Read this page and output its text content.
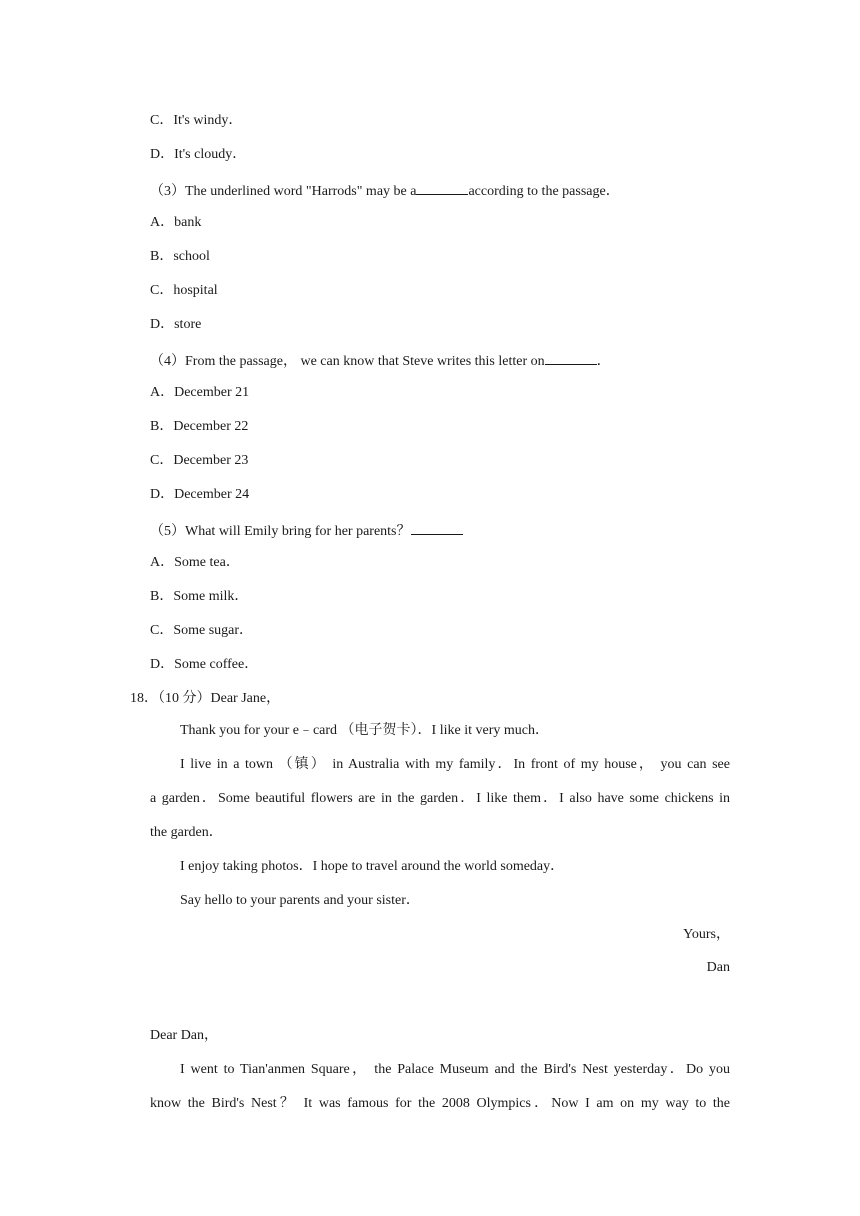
C．It's windy．
D．It's cloudy．
（3）The underlined word "Harrods" may be a	according to the passage．
A．bank
B．school
C．hospital
D．store
（4）From the passage， we can know that Steve writes this letter on	．
A．December 21
B．December 22
C．December 23
D．December 24
（5）What will Emily bring for her parents？
A．Some tea．
B．Some milk．
C．Some sugar．
D．Some coffee．
18．（10 分）Dear Jane，
Thank you for your e﹣card （电子贺卡）．I like it very much．
I live in a town （镇） in Australia with my family．In front of my house， you can see
a garden．Some beautiful flowers are in the garden．I like them．I also have some chickens in
the garden．
I enjoy taking photos．I hope to travel around the world someday．
Say hello to your parents and your sister．
Yours，
Dan
Dear Dan，
I went to Tian'anmen Square， the Palace Museum and the Bird's Nest yesterday．Do you
know the Bird's Nest？ It was famous for the 2008 Olympics．Now I am on my way to the
